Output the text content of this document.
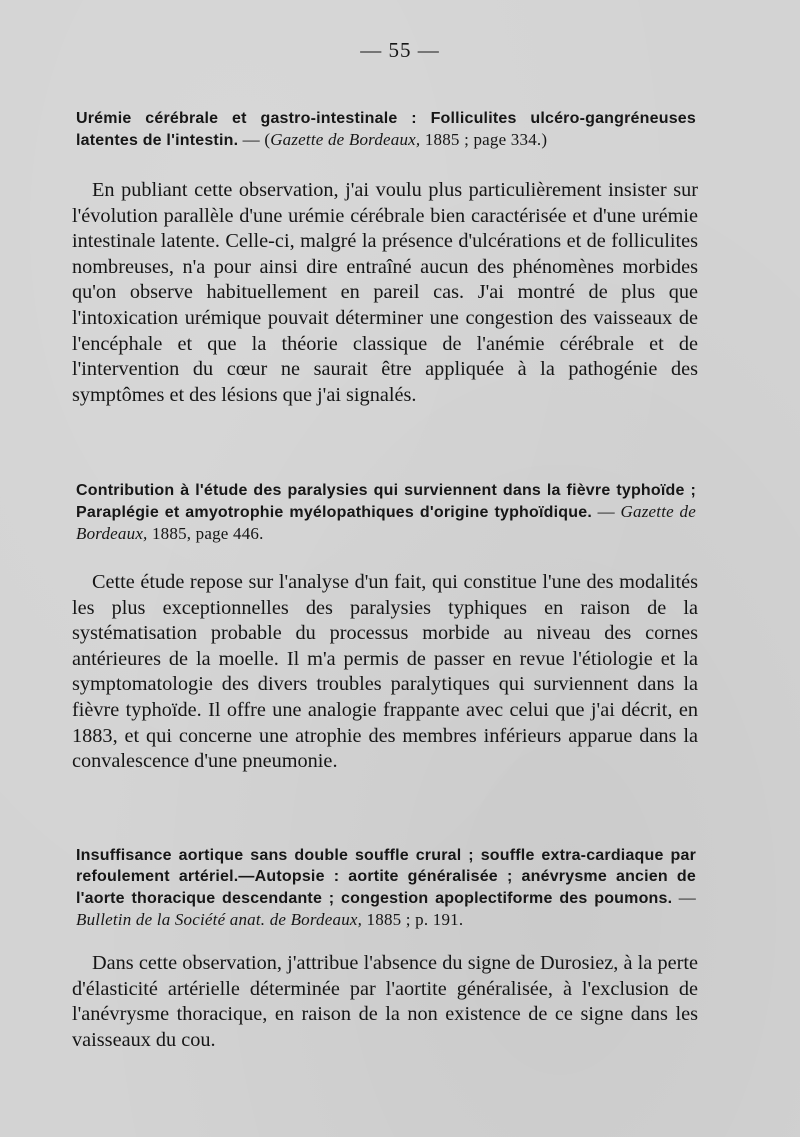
— 55 —
Urémie cérébrale et gastro-intestinale : Folliculites ulcéro-gangréneuses latentes de l'intestin. — (Gazette de Bordeaux, 1885 ; page 334.)

En publiant cette observation, j'ai voulu plus particulièrement insister sur l'évolution parallèle d'une urémie cérébrale bien caractérisée et d'une urémie intestinale latente. Celle-ci, malgré la présence d'ulcérations et de folliculites nombreuses, n'a pour ainsi dire entraîné aucun des phénomènes morbides qu'on observe habituellement en pareil cas. J'ai montré de plus que l'intoxication urémique pouvait déterminer une congestion des vaisseaux de l'encéphale et que la théorie classique de l'anémie cérébrale et de l'intervention du cœur ne saurait être appliquée à la pathogénie des symptômes et des lésions que j'ai signalés.

Contribution à l'étude des paralysies qui surviennent dans la fièvre typhoïde ; Paraplégie et amyotrophie myélopathiques d'origine typhoïdique. — Gazette de Bordeaux, 1885, page 446.

Cette étude repose sur l'analyse d'un fait, qui constitue l'une des modalités les plus exceptionnelles des paralysies typhiques en raison de la systématisation probable du processus morbide au niveau des cornes antérieures de la moelle. Il m'a permis de passer en revue l'étiologie et la symptomatologie des divers troubles paralytiques qui surviennent dans la fièvre typhoïde. Il offre une analogie frappante avec celui que j'ai décrit, en 1883, et qui concerne une atrophie des membres inférieurs apparue dans la convalescence d'une pneumonie.

Insuffisance aortique sans double souffle crural ; souffle extra-cardiaque par refoulement artériel.—Autopsie : aortite généralisée ; anévrysme ancien de l'aorte thoracique descendante ; congestion apoplectiforme des poumons. — Bulletin de la Société anat. de Bordeaux, 1885 ; p. 191.

Dans cette observation, j'attribue l'absence du signe de Durosiez, à la perte d'élasticité artérielle déterminée par l'aortite généralisée, à l'exclusion de l'anévrysme thoracique, en raison de la non existence de ce signe dans les vaisseaux du cou.
